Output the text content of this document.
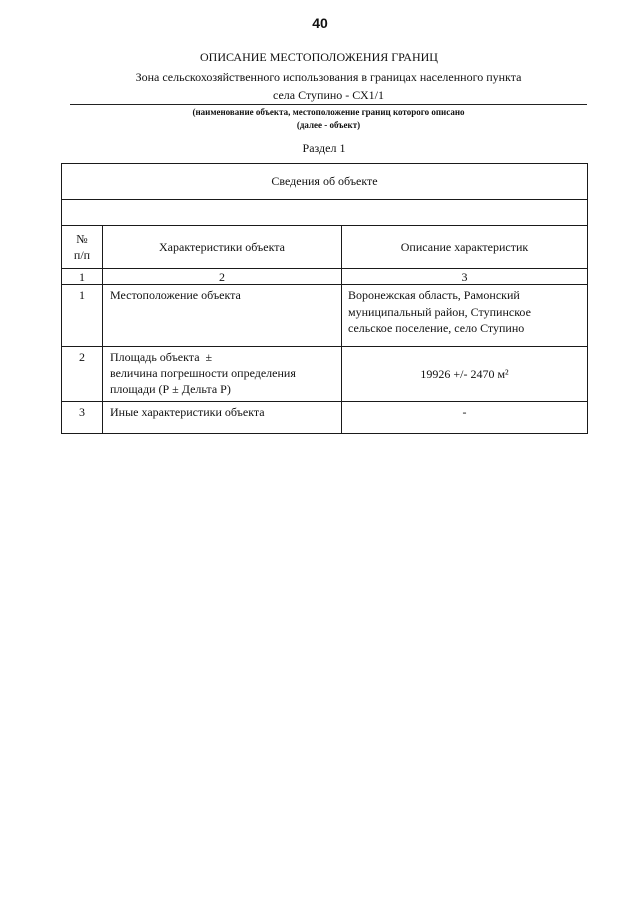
40
ОПИСАНИЕ МЕСТОПОЛОЖЕНИЯ ГРАНИЦ
Зона сельскохозяйственного использования в границах населенного пункта
села Ступино - СХ1/1
(наименование объекта, местоположение границ которого описано
(далее - объект)
Раздел 1
Сведения об объекте		

№
п/п	Характеристики объекта	Описание характеристик

1	2	3
1	Местоположение объекта	Воронежская область, Рамонский
муниципальный район, Ступинское
сельское поселение, село Ступино

2	Площадь объекта  ±
величина погрешности определения
площади (Р ± Дельта Р)	19926 +/- 2470 м²

3	Иные характеристики объекта	-
